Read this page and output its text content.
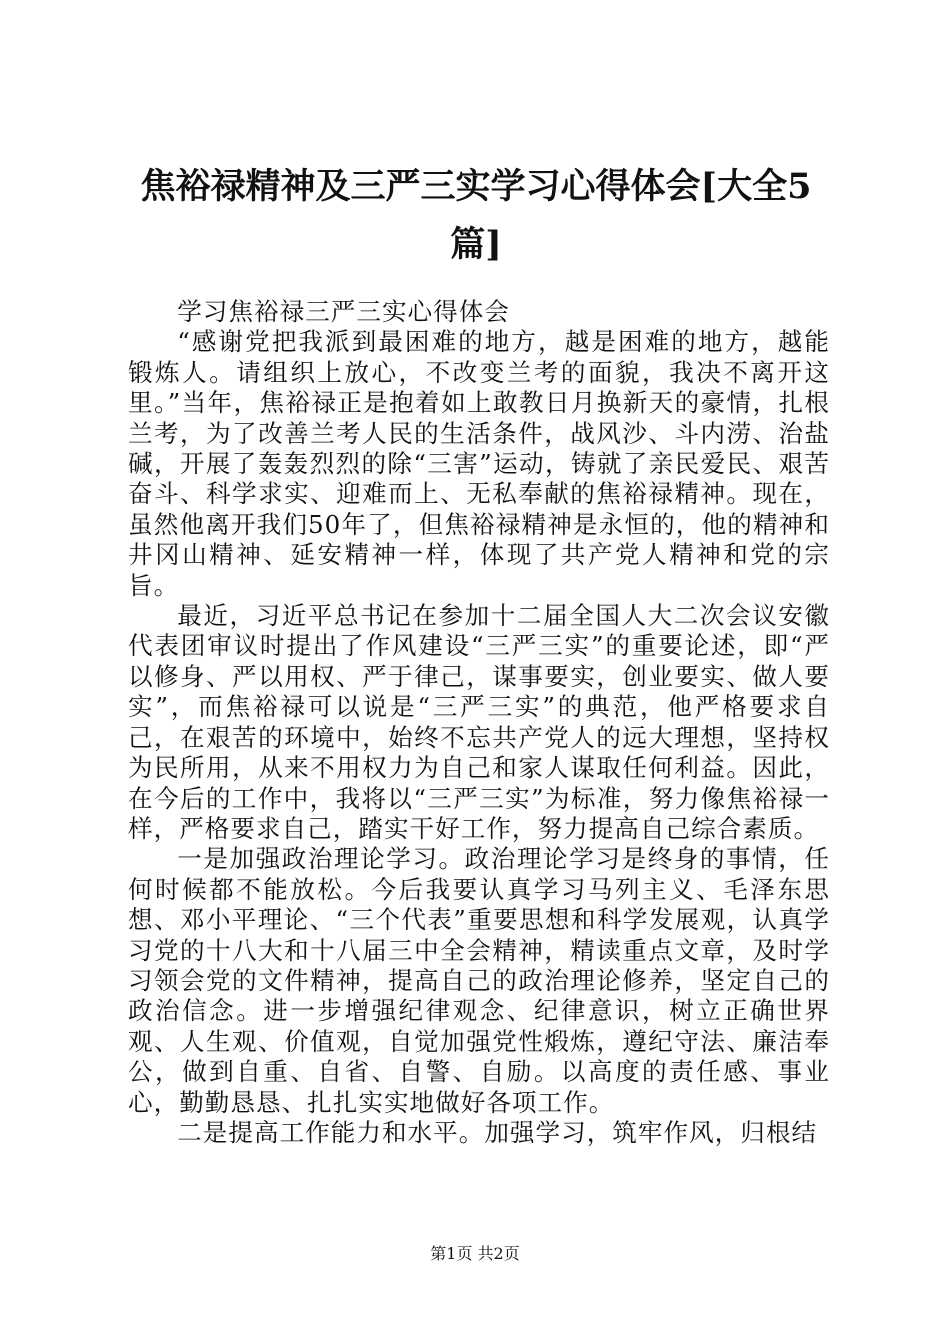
焦裕禄精神及三严三实学习心得体会[大全5篇]

学习焦裕禄三严三实心得体会

“感谢党把我派到最困难的地方，越是困难的地方，越能锻炼人。请组织上放心，不改变兰考的面貌，我决不离开这里。”当年，焦裕禄正是抱着如上敢教日月换新天的豪情，扎根兰考，为了改善兰考人民的生活条件，战风沙、斗内涝、治盐碱，开展了轰轰烈烈的除“三害”运动，铸就了亲民爱民、艰苦奋斗、科学求实、迎难而上、无私奉献的焦裕禄精神。现在，虽然他离开我们50年了，但焦裕禄精神是永恒的，他的精神和井冈山精神、延安精神一样，体现了共产党人精神和党的宗旨。

最近，习近平总书记在参加十二届全国人大二次会议安徽代表团审议时提出了作风建设“三严三实”的重要论述，即“严以修身、严以用权、严于律己，谋事要实，创业要实、做人要实”，而焦裕禄可以说是“三严三实”的典范，他严格要求自己，在艰苦的环境中，始终不忘共产党人的远大理想，坚持权为民所用，从来不用权力为自己和家人谋取任何利益。因此，在今后的工作中，我将以“三严三实”为标准，努力像焦裕禄一样，严格要求自己，踏实干好工作，努力提高自己综合素质。

一是加强政治理论学习。政治理论学习是终身的事情，任何时候都不能放松。今后我要认真学习马列主义、毛泽东思想、邓小平理论、“三个代表”重要思想和科学发展观，认真学习党的十八大和十八届三中全会精神，精读重点文章，及时学习领会党的文件精神，提高自己的政治理论修养，坚定自己的政治信念。进一步增强纪律观念、纪律意识，树立正确世界观、人生观、价值观，自觉加强党性煅炼，遵纪守法、廉洁奉公，做到自重、自省、自警、自励。以高度的责任感、事业心，勤勤恳恳、扎扎实实地做好各项工作。

二是提高工作能力和水平。加强学习，筑牢作风，归根结

第1页 共2页
